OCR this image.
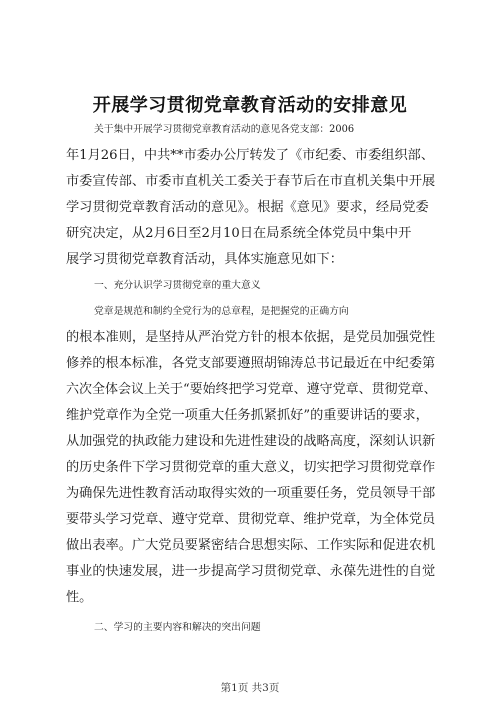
开展学习贯彻党章教育活动的安排意见
关于集中开展学习贯彻党章教育活动的意见各党支部：2006
年1月26日，中共**市委办公厅转发了《市纪委、市委组织部、
市委宣传部、市委市直机关工委关于春节后在市直机关集中开展
学习贯彻党章教育活动的意见》。根据《意见》要求，经局党委
研究决定，从2月6日至2月10日在局系统全体党员中集中开
展学习贯彻党章教育活动，具体实施意见如下：
一、充分认识学习贯彻党章的重大意义
党章是规范和制约全党行为的总章程，是把握党的正确方向
的根本准则，是坚持从严治党方针的根本依据，是党员加强党性
修养的根本标准，各党支部要遵照胡锦涛总书记最近在中纪委第
六次全体会议上关于“要始终把学习党章、遵守党章、贯彻党章、
维护党章作为全党一项重大任务抓紧抓好”的重要讲话的要求，
从加强党的执政能力建设和先进性建设的战略高度，深刻认识新
的历史条件下学习贯彻党章的重大意义，切实把学习贯彻党章作
为确保先进性教育活动取得实效的一项重要任务，党员领导干部
要带头学习党章、遵守党章、贯彻党章、维护党章，为全体党员
做出表率。广大党员要紧密结合思想实际、工作实际和促进农机
事业的快速发展，进一步提高学习贯彻党章、永葆先进性的自觉
性。
二、学习的主要内容和解决的突出问题
第1页 共3页
